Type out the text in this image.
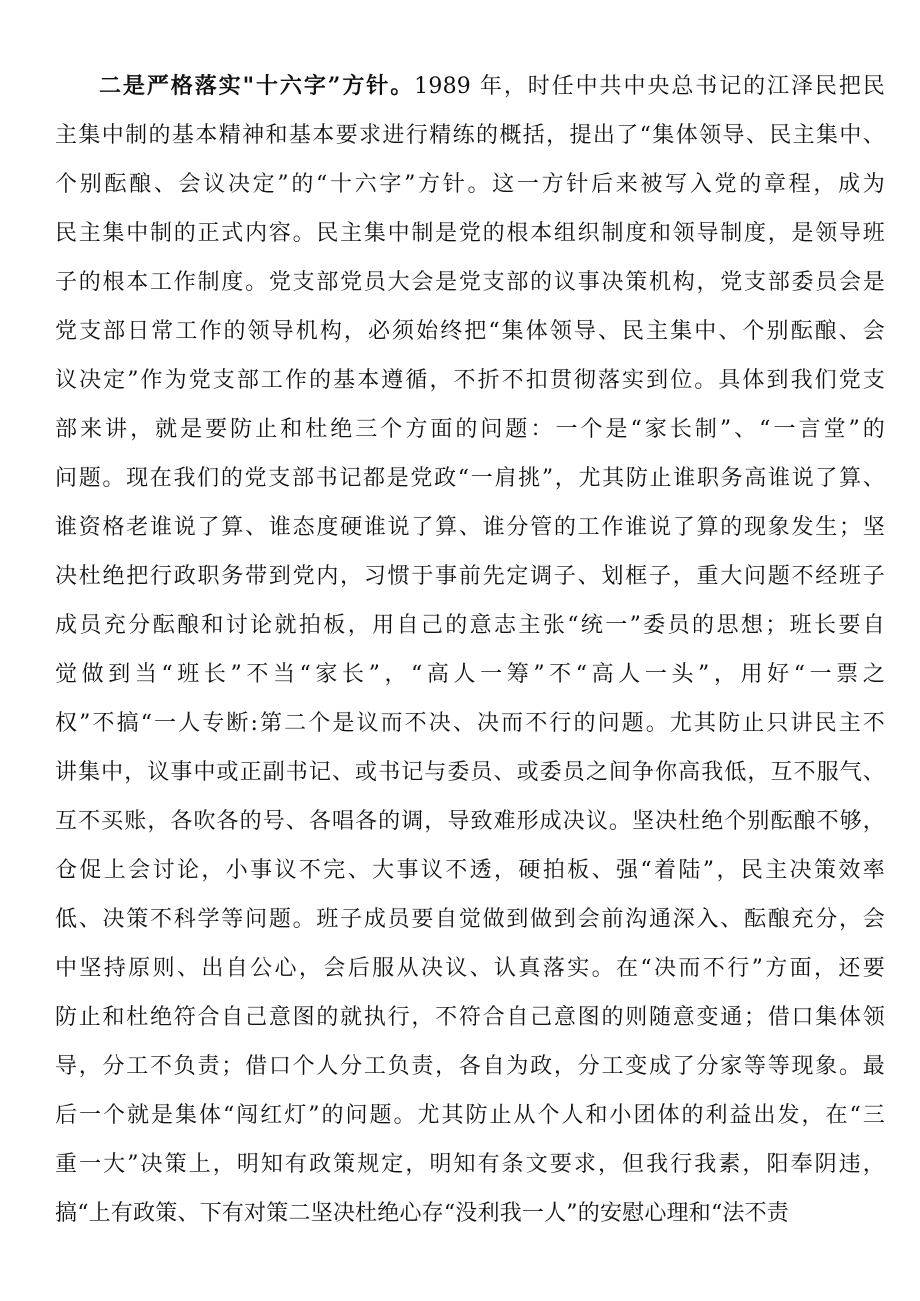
二是严格落实"十六字”方针。1989 年，时任中共中央总书记的江泽民把民
主集中制的基本精神和基本要求进行精练的概括，提出了“集体领导、民主集中、
个别酝酿、会议决定”的“十六字”方针。这一方针后来被写入党的章程，成为
民主集中制的正式内容。民主集中制是党的根本组织制度和领导制度，是领导班
子的根本工作制度。党支部党员大会是党支部的议事决策机构，党支部委员会是
党支部日常工作的领导机构，必须始终把“集体领导、民主集中、个别酝酿、会
议决定”作为党支部工作的基本遵循，不折不扣贯彻落实到位。具体到我们党支
部来讲，就是要防止和杜绝三个方面的问题：一个是“家长制”、“一言堂”的
问题。现在我们的党支部书记都是党政“一肩挑”，尤其防止谁职务高谁说了算、
谁资格老谁说了算、谁态度硬谁说了算、谁分管的工作谁说了算的现象发生；坚
决杜绝把行政职务带到党内，习惯于事前先定调子、划框子，重大问题不经班子
成员充分酝酿和讨论就拍板，用自己的意志主张“统一”委员的思想；班长要自
觉做到当“班长”不当“家长”，“高人一筹”不“高人一头”，用好“一票之
权”不搞“一人专断:第二个是议而不决、决而不行的问题。尤其防止只讲民主不
讲集中，议事中或正副书记、或书记与委员、或委员之间争你高我低，互不服气、
互不买账，各吹各的号、各唱各的调，导致难形成决议。坚决杜绝个别酝酿不够，
仓促上会讨论，小事议不完、大事议不透，硬拍板、强“着陆”，民主决策效率
低、决策不科学等问题。班子成员要自觉做到做到会前沟通深入、酝酿充分，会
中坚持原则、出自公心，会后服从决议、认真落实。在“决而不行”方面，还要
防止和杜绝符合自己意图的就执行，不符合自己意图的则随意变通；借口集体领
导，分工不负责；借口个人分工负责，各自为政，分工变成了分家等等现象。最
后一个就是集体“闯红灯”的问题。尤其防止从个人和小团体的利益出发，在“三
重一大”决策上，明知有政策规定，明知有条文要求，但我行我素，阳奉阴违，
搞“上有政策、下有对策二坚决杜绝心存“没利我一人”的安慰心理和“法不责
